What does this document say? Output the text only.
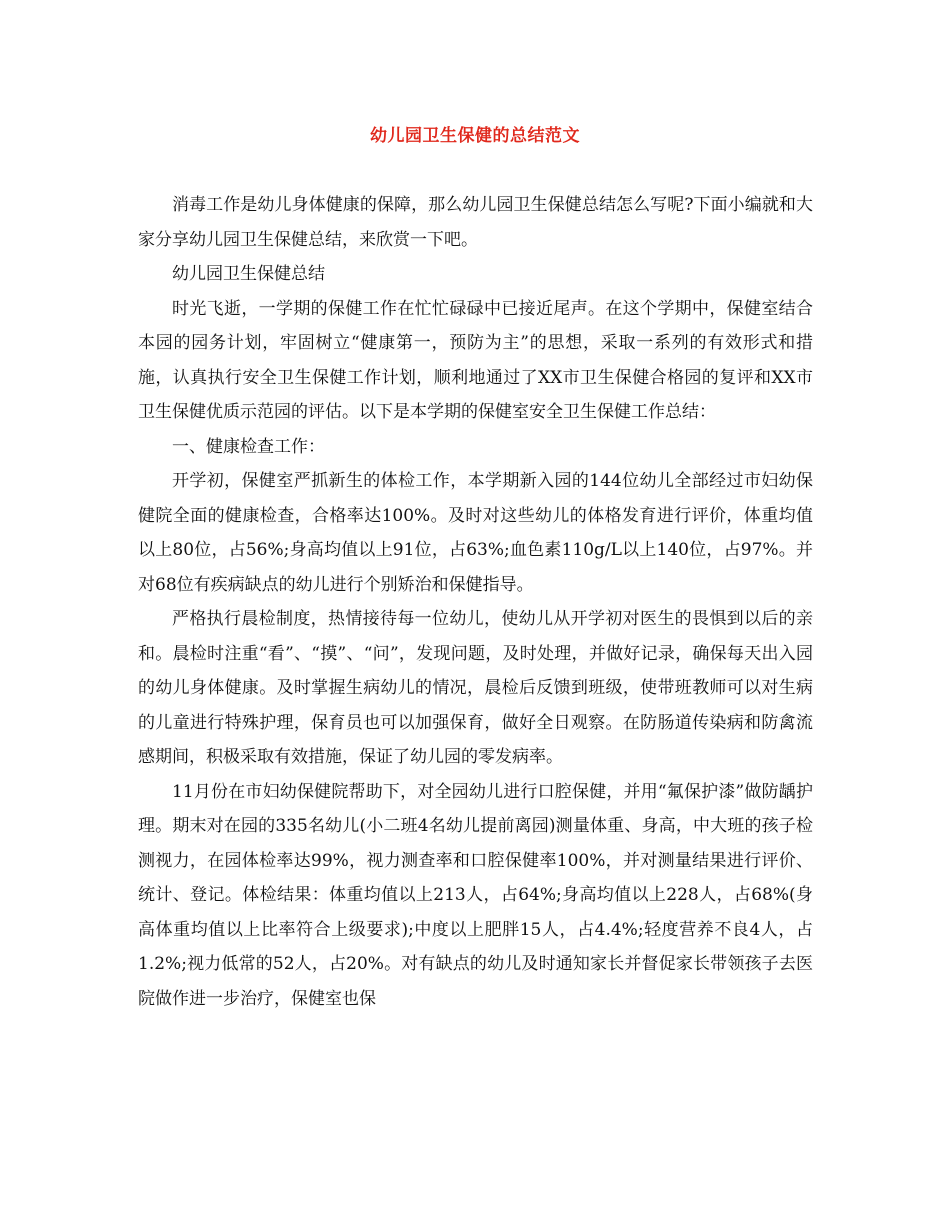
幼儿园卫生保健的总结范文

消毒工作是幼儿身体健康的保障，那么幼儿园卫生保健总结怎么写呢?下面小编就和大家分享幼儿园卫生保健总结，来欣赏一下吧。

幼儿园卫生保健总结

时光飞逝，一学期的保健工作在忙忙碌碌中已接近尾声。在这个学期中，保健室结合本园的园务计划，牢固树立“健康第一，预防为主”的思想，采取一系列的有效形式和措施，认真执行安全卫生保健工作计划，顺利地通过了XX市卫生保健合格园的复评和XX市卫生保健优质示范园的评估。以下是本学期的保健室安全卫生保健工作总结：

一、健康检查工作：

开学初，保健室严抓新生的体检工作，本学期新入园的144位幼儿全部经过市妇幼保健院全面的健康检查，合格率达100%。及时对这些幼儿的体格发育进行评价，体重均值以上80位，占56%;身高均值以上91位，占63%;血色素110g/L以上140位，占97%。并对68位有疾病缺点的幼儿进行个别矫治和保健指导。

严格执行晨检制度，热情接待每一位幼儿，使幼儿从开学初对医生的畏惧到以后的亲和。晨检时注重“看”、“摸”、“问”，发现问题，及时处理，并做好记录，确保每天出入园的幼儿身体健康。及时掌握生病幼儿的情况，晨检后反馈到班级，使带班教师可以对生病的儿童进行特殊护理，保育员也可以加强保育，做好全日观察。在防肠道传染病和防禽流感期间，积极采取有效措施，保证了幼儿园的零发病率。

11月份在市妇幼保健院帮助下，对全园幼儿进行口腔保健，并用“氟保护漆”做防龋护理。期末对在园的335名幼儿(小二班4名幼儿提前离园)测量体重、身高，中大班的孩子检测视力，在园体检率达99%，视力测查率和口腔保健率100%，并对测量结果进行评价、统计、登记。体检结果：体重均值以上213人，占64%;身高均值以上228人，占68%(身高体重均值以上比率符合上级要求);中度以上肥胖15人，占4.4%;轻度营养不良4人，占1.2%;视力低常的52人，占20%。对有缺点的幼儿及时通知家长并督促家长带领孩子去医院做作进一步治疗，保健室也保
